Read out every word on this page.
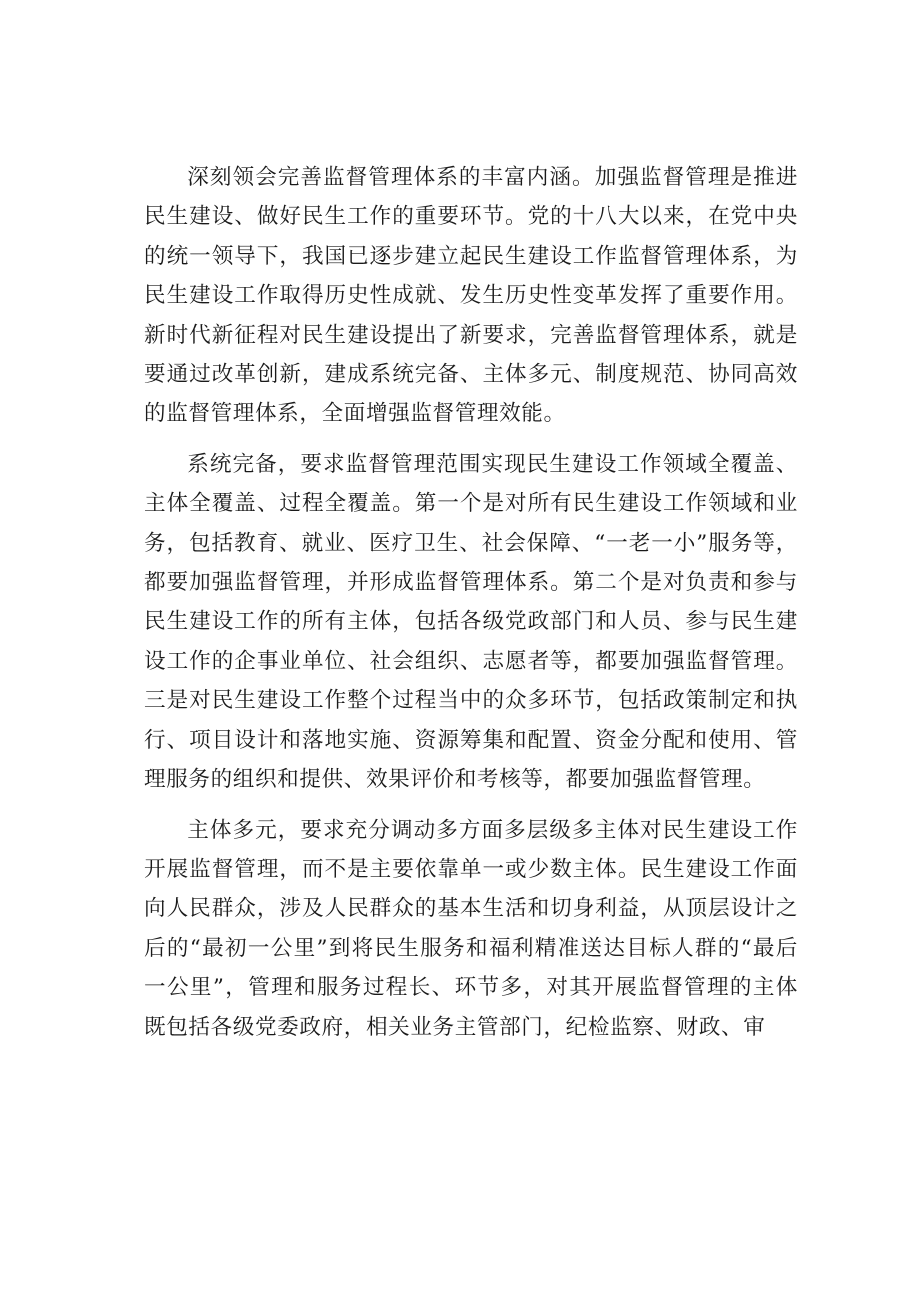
深刻领会完善监督管理体系的丰富内涵。加强监督管理是推进民生建设、做好民生工作的重要环节。党的十八大以来，在党中央的统一领导下，我国已逐步建立起民生建设工作监督管理体系，为民生建设工作取得历史性成就、发生历史性变革发挥了重要作用。新时代新征程对民生建设提出了新要求，完善监督管理体系，就是要通过改革创新，建成系统完备、主体多元、制度规范、协同高效的监督管理体系，全面增强监督管理效能。

系统完备，要求监督管理范围实现民生建设工作领域全覆盖、主体全覆盖、过程全覆盖。第一个是对所有民生建设工作领域和业务，包括教育、就业、医疗卫生、社会保障、“一老一小”服务等，都要加强监督管理，并形成监督管理体系。第二个是对负责和参与民生建设工作的所有主体，包括各级党政部门和人员、参与民生建设工作的企事业单位、社会组织、志愿者等，都要加强监督管理。三是对民生建设工作整个过程当中的众多环节，包括政策制定和执行、项目设计和落地实施、资源筹集和配置、资金分配和使用、管理服务的组织和提供、效果评价和考核等，都要加强监督管理。

主体多元，要求充分调动多方面多层级多主体对民生建设工作开展监督管理，而不是主要依靠单一或少数主体。民生建设工作面向人民群众，涉及人民群众的基本生活和切身利益，从顶层设计之后的“最初一公里”到将民生服务和福利精准送达目标人群的“最后一公里”，管理和服务过程长、环节多，对其开展监督管理的主体既包括各级党委政府，相关业务主管部门，纪检监察、财政、审
